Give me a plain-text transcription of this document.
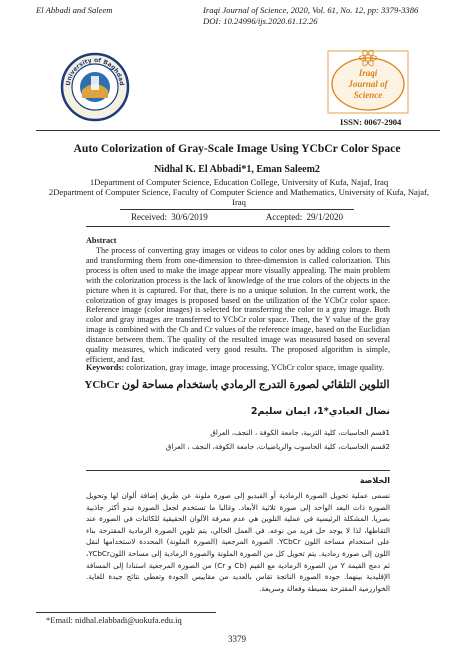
El Abbadi and Saleem	Iraqi Journal of Science, 2020, Vol. 61, No. 12, pp: 3379-3386
DOI: 10.24996/ijs.2020.61.12.26
University of Baghdad
Iraqi
Journal of
Science
ISSN: 0067-2904
Auto Colorization of Gray-Scale Image Using YCbCr Color Space
Nidhal K. El Abbadi*1, Eman Saleem2
1Department of Computer Science, Education College, University of Kufa, Najaf, Iraq
2Department of Computer Science, Faculty of Computer Science and Mathematics, University of Kufa, Najaf,
Iraq
Received: 30/6/2019	Accepted: 29/1/2020
Abstract
The process of converting gray images or videos to color ones by adding colors to them and transforming them from one-dimension to three-dimension is called colorization. This process is often used to make the image appear more visually appealing. The main problem with the colorization process is the lack of knowledge of the true colors of the objects in the picture when it is captured. For that, there is no a unique solution. In the current work, the colorization of gray images is proposed based on the utilization of the YCbCr color space. Reference image (color images) is selected for transferring the color to a gray image. Both color and gray images are transferred to YCbCr color space. Then, the Y value of the gray image is combined with the Cb and Cr values of the reference image, based on the Euclidian distance between them. The quality of the resulted image was measured based on several quality measures, which indicated very good results. The proposed algorithm is simple, efficient, and fast.
Keywords: colorization, gray image, image processing, YCbCr color space, image quality.
التلوين التلقائي لصورة التدرج الرمادي باستخدام مساحة لون YCbCr
نضال العبادي*1، ايمان سليم2
1قسم الحاسبات، كلية التربية، جامعة الكوفة ، النجف، العراق
2قسم الحاسبات، كلية الحاسوب والرياضيات، جامعة الكوفة، النجف ، العراق
الخلاصة
تسمى عملية تحويل الصورة الرمادية أو الفيديو إلى صورة ملونة عن طريق إضافة ألوان لها وتحويل الصورة ذات البعد الواحد إلى صورة ثلاثية الأبعاد. وغالبا ما تستخدم لجعل الصورة تبدو أكثر جاذبية بصريا. المشكلة الرئيسية في عملية التلوين هي عدم معرفة الألوان الحقيقية للكائنات في الصورة عند التقاطها، لذا لا يوجد حل فريد من نوعه. في العمل الحالي، يتم تلوين الصورة الرمادية المقترحة بناء على استخدام مساحة اللون YCbCr. الصورة المرجعية (الصورة الملونة) المحددة لاستخدامها لنقل اللون إلى صورة رمادية. يتم تحويل كل من الصورة الملونة والصورة الرمادية إلى مساحة اللونYCbCr، ثم دمج القيمة Y من الصورة الرمادية مع القيم (Cb و Cr) من الصورة المرجعية استنادا إلى المسافة الإقليدية بينهما. جودة الصورة الناتجة تقاس بالعديد من مقاييس الجودة وتعطي نتائج جيدة للغاية. الخوارزمية المقترحة بسيطة وفعالة وسريعة.
*Email: nidhal.elabbadi@uokufa.edu.iq
3379
